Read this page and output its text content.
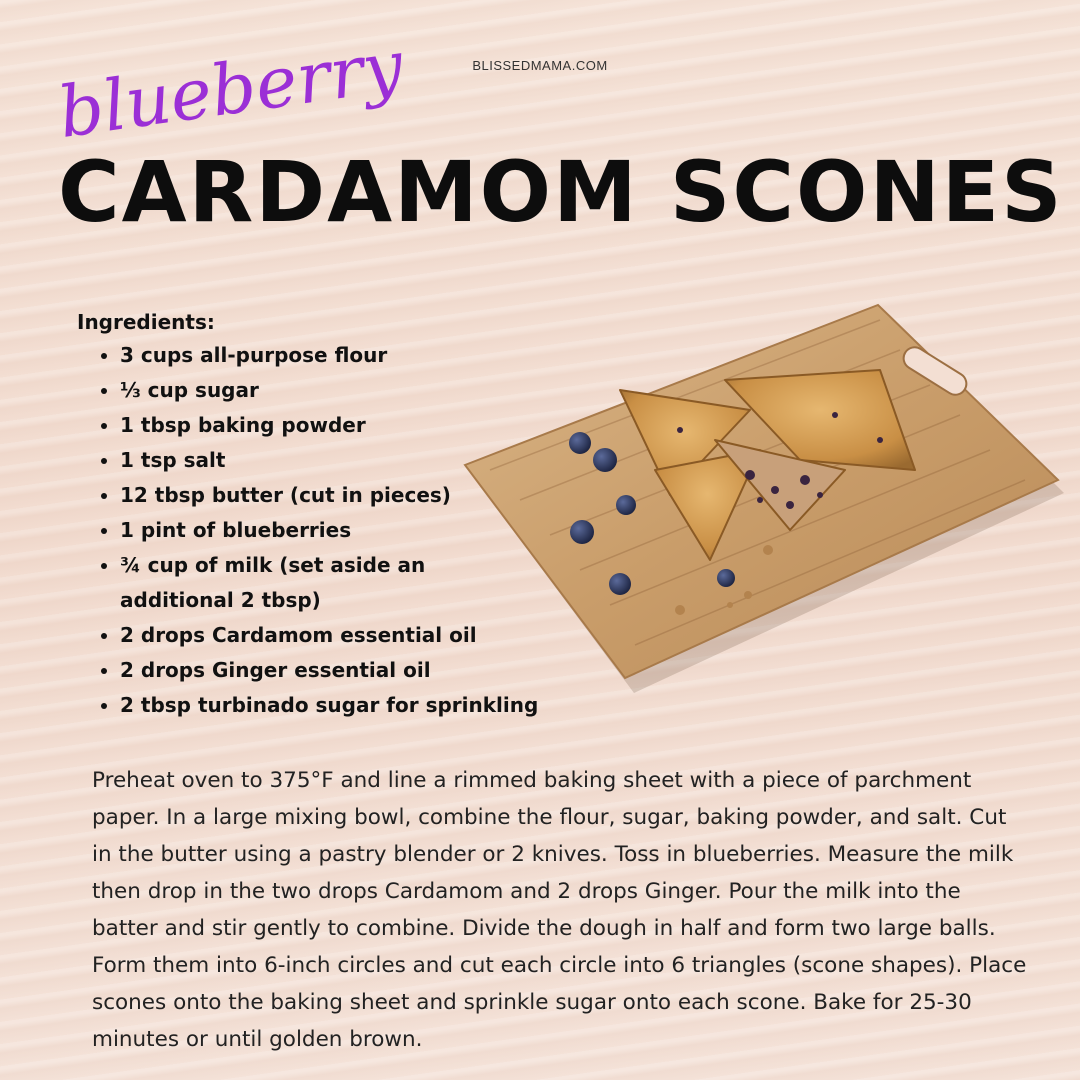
BLISSEDMAMA.COM
blueberry
CARDAMOM SCONES
Ingredients:
• 3 cups all-purpose flour
• ⅓ cup sugar
• 1 tbsp baking powder
• 1 tsp salt
• 12 tbsp butter (cut in pieces)
• 1 pint of blueberries
• ¾ cup of milk (set aside an additional 2 tbsp)
• 2 drops Cardamom essential oil
• 2 drops Ginger essential oil
• 2 tbsp turbinado sugar for sprinkling
Preheat oven to 375°F and line a rimmed baking sheet with a piece of parchment paper. In a large mixing bowl, combine the flour, sugar, baking powder, and salt. Cut in the butter using a pastry blender or 2 knives. Toss in blueberries. Measure the milk then drop in the two drops Cardamom and 2 drops Ginger. Pour the milk into the batter and stir gently to combine. Divide the dough in half and form two large balls. Form them into 6-inch circles and cut each circle into 6 triangles (scone shapes). Place scones onto the baking sheet and sprinkle sugar onto each scone. Bake for 25-30 minutes or until golden brown.
